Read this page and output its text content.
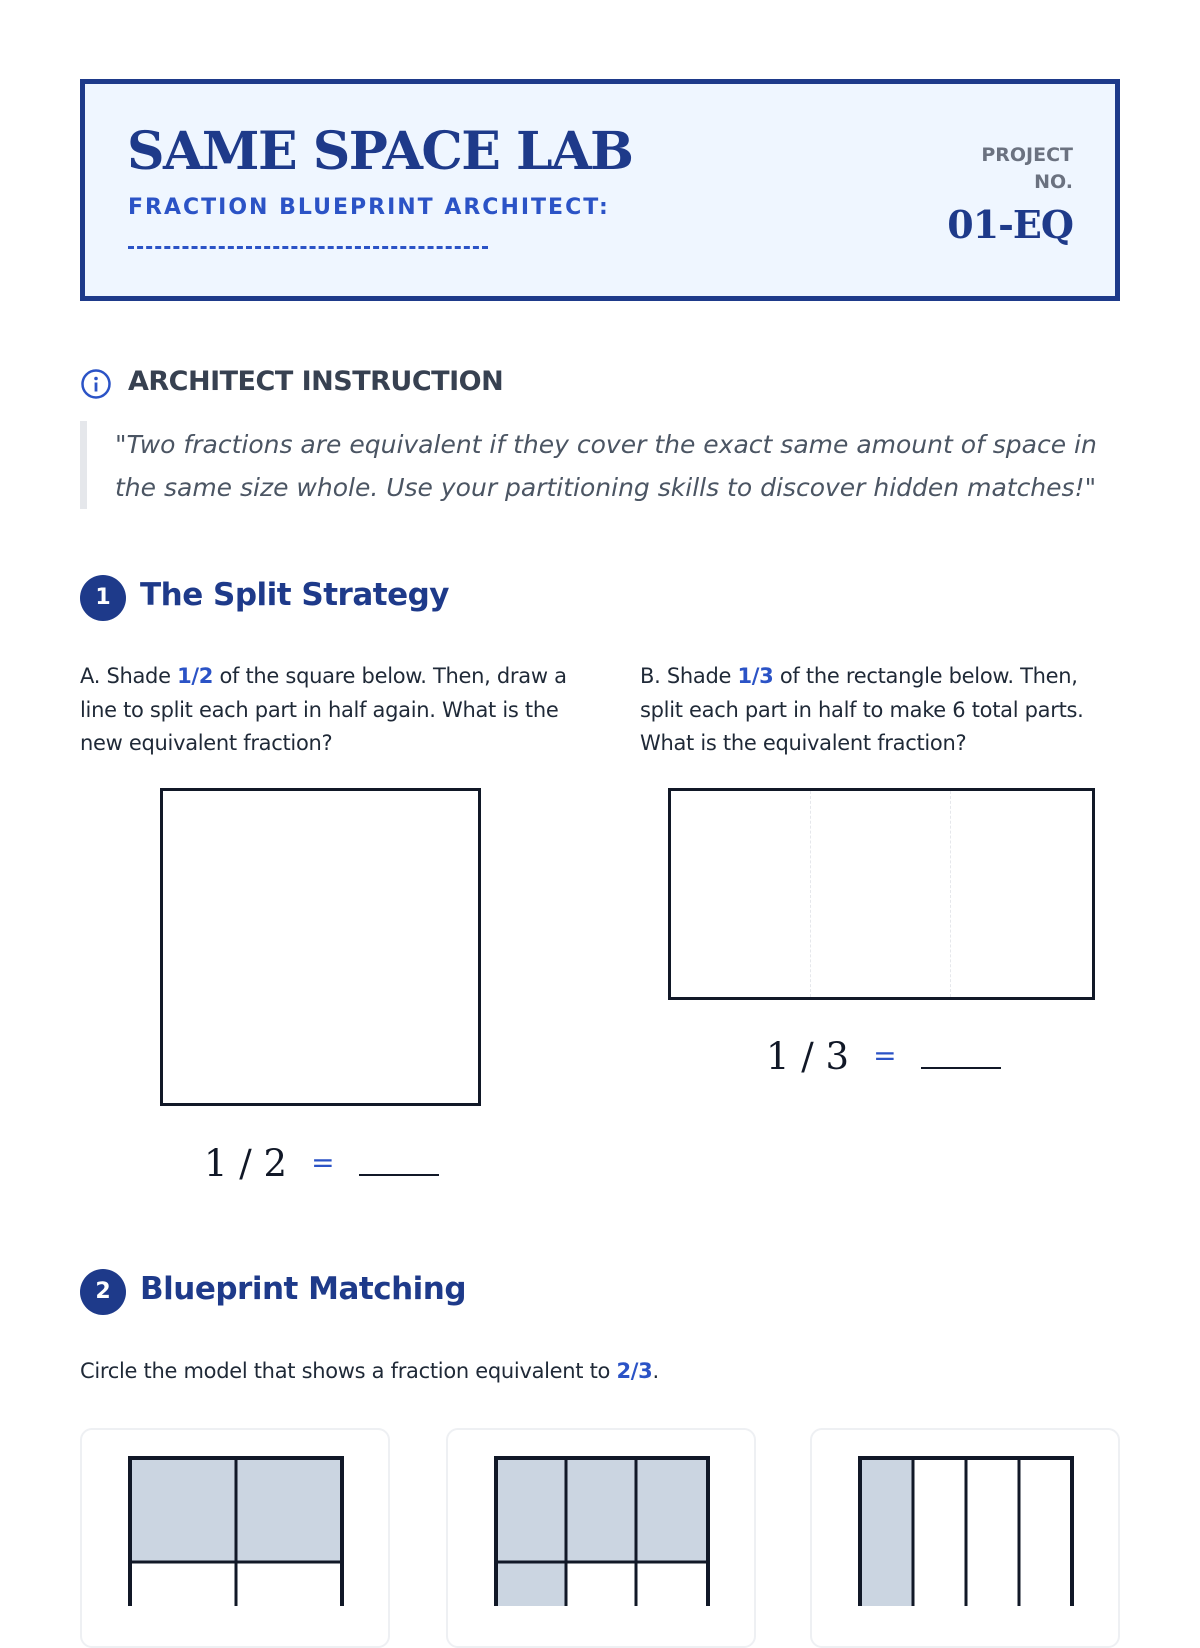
SAME SPACE LAB
FRACTION BLUEPRINT ARCHITECT:
PROJECT NO.
01-EQ
ARCHITECT INSTRUCTION
"Two fractions are equivalent if they cover the exact same amount of space in the same size whole. Use your partitioning skills to discover hidden matches!"
1 The Split Strategy
A. Shade 1/2 of the square below. Then, draw a line to split each part in half again. What is the new equivalent fraction?
B. Shade 1/3 of the rectangle below. Then, split each part in half to make 6 total parts. What is the equivalent fraction?
1 / 2 =
1 / 3 =
2 Blueprint Matching
Circle the model that shows a fraction equivalent to 2/3.
